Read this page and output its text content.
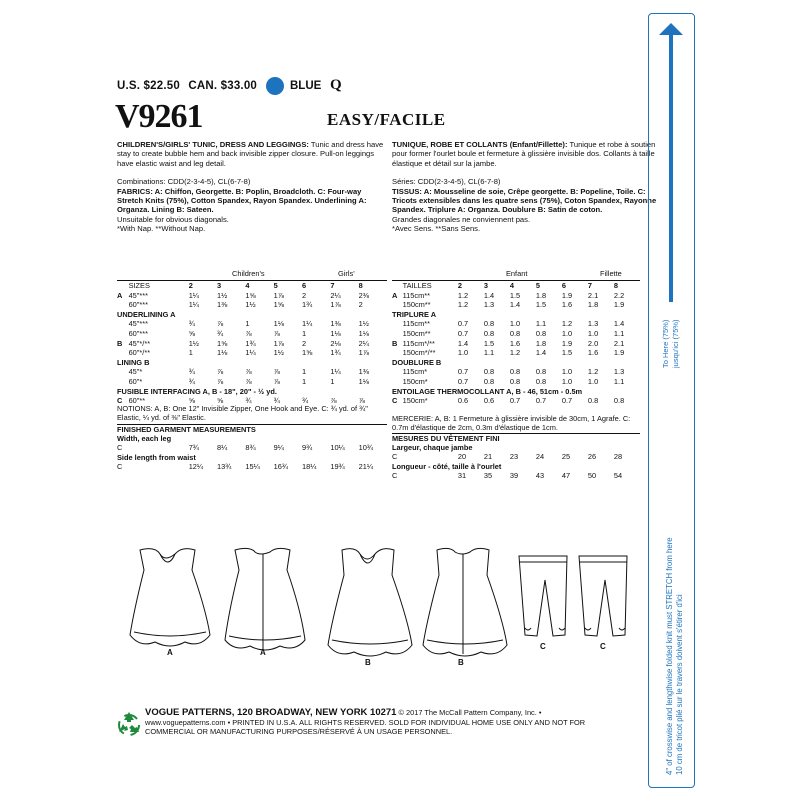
U.S. $22.50 CAN. $33.00	BLUE Q
V9261	EASY/FACILE

CHILDREN'S/GIRLS' TUNIC, DRESS AND LEGGINGS: Tunic and dress have stay to create bubble hem and back invisible zipper closure. Pull-on leggings have elastic waist and leg detail.

Combinations: CDD(2-3-4-5), CL(6-7-8)

FABRICS: A: Chiffon, Georgette. B: Poplin, Broadcloth. C: Four-way Stretch Knits (75%), Cotton Spandex, Rayon Spandex. Underlining A: Organza. Lining B: Sateen.

Unsuitable for obvious diagonals.

*With Nap. **Without Nap.

TUNIQUE, ROBE ET COLLANTS (Enfant/Fillette): Tunique et robe à soutien pour former l'ourlet boule et fermeture à glissière invisible dos. Collants à taille élastique et détail sur la jambe.

Séries: CDD(2-3-4-5), CL(6-7-8)

TISSUS: A: Mousseline de soie, Crêpe georgette. B: Popeline, Toile. C: Tricots extensibles dans les quatre sens (75%), Coton Spandex, Rayonne Spandex. Triplure A: Organza. Doublure B: Satin de coton.

Grandes diagonales ne conviennent pas.

*Avec Sens. **Sans Sens.

Children's	Girls'	Enfant	Fillette
	SIZES	2	3	4	5	6	7	8
A	45"***	1¼	1½	1⅝	1⅞	2	2¼	2⅜
	60"***	1¼	1⅜	1½	1⅝	1¾	1⅞	2
UNDERLINING A								
	45"***	¾	⅞	1	1⅛	1¼	1⅜	1½
	60"***	⅝	¾	⅞	⅞	1	1⅛	1⅛
B	45"*/**	1½	1⅝	1¾	1⅞	2	2⅛	2¼
	60"*/**	1	1⅛	1¼	1½	1⅝	1¾	1⅞
LINING B								
	45"*	¾	⅞	⅞	⅞	1	1¼	1⅜
	60"*	¾	⅞	⅞	⅞	1	1	1⅛
FUSIBLE INTERFACING A, B - 18", 20" - ½ yd.								
C	60"**	⅝	⅝	¾	¾	¾	⅞	⅞
	TAILLES	2	3	4	5	6	7	8
A	115cm**	1.2	1.4	1.5	1.8	1.9	2.1	2.2
	150cm**	1.2	1.3	1.4	1.5	1.6	1.8	1.9
TRIPLURE A								
	115cm**	0.7	0.8	1.0	1.1	1.2	1.3	1.4
	150cm**	0.7	0.8	0.8	0.8	1.0	1.0	1.1
B	115cm*/**	1.4	1.5	1.6	1.8	1.9	2.0	2.1
	150cm*/**	1.0	1.1	1.2	1.4	1.5	1.6	1.9
DOUBLURE B								
	115cm*	0.7	0.8	0.8	0.8	1.0	1.2	1.3
	150cm*	0.7	0.8	0.8	0.8	1.0	1.0	1.1
ENTOILAGE THERMOCOLLANT A, B - 46, 51cm - 0.5m								
C	150cm*	0.6	0.6	0.7	0.7	0.7	0.8	0.8
NOTIONS: A, B: One 12" Invisible Zipper, One Hook and Eye. C: ¾ yd. of ¾" Elastic, ¼ yd. of ⅜" Elastic.	MERCERIE: A, B: 1 Fermeture à glissière invisible de 30cm, 1 Agrafe. C: 0.7m d'élastique de 2cm, 0.3m d'élastique de 1cm.
FINISHED GARMENT MEASUREMENTS
Width, each leg
C		7¾	8¼	8¾	9¼	9¾	10¼	10¾
Side length from waist
C		12¼	13¾	15¼	16¾	18¼	19¾	21¼
MESURES DU VÊTEMENT FINI
Largeur, chaque jambe
C		20	21	23	24	25	26	28
Longueur - côté, taille à l'ourlet
C		31	35	39	43	47	50	54
A	A
B	B
C	C
VOGUE PATTERNS, 120 BROADWAY, NEW YORK 10271 © 2017 The McCall Pattern Company, Inc. •
www.voguepatterns.com • PRINTED IN U.S.A. ALL RIGHTS RESERVED. SOLD FOR INDIVIDUAL HOME USE ONLY AND NOT FOR
COMMERCIAL OR MANUFACTURING PURPOSES/RÉSERVÉ À UN USAGE PERSONNEL.
To Here (75%) jusqu'ici (75%)
4" of crosswise and lengthwise folded knit must STRETCH from here 10 cm de tricot plié sur le travers doivent s'étirer d'ici
